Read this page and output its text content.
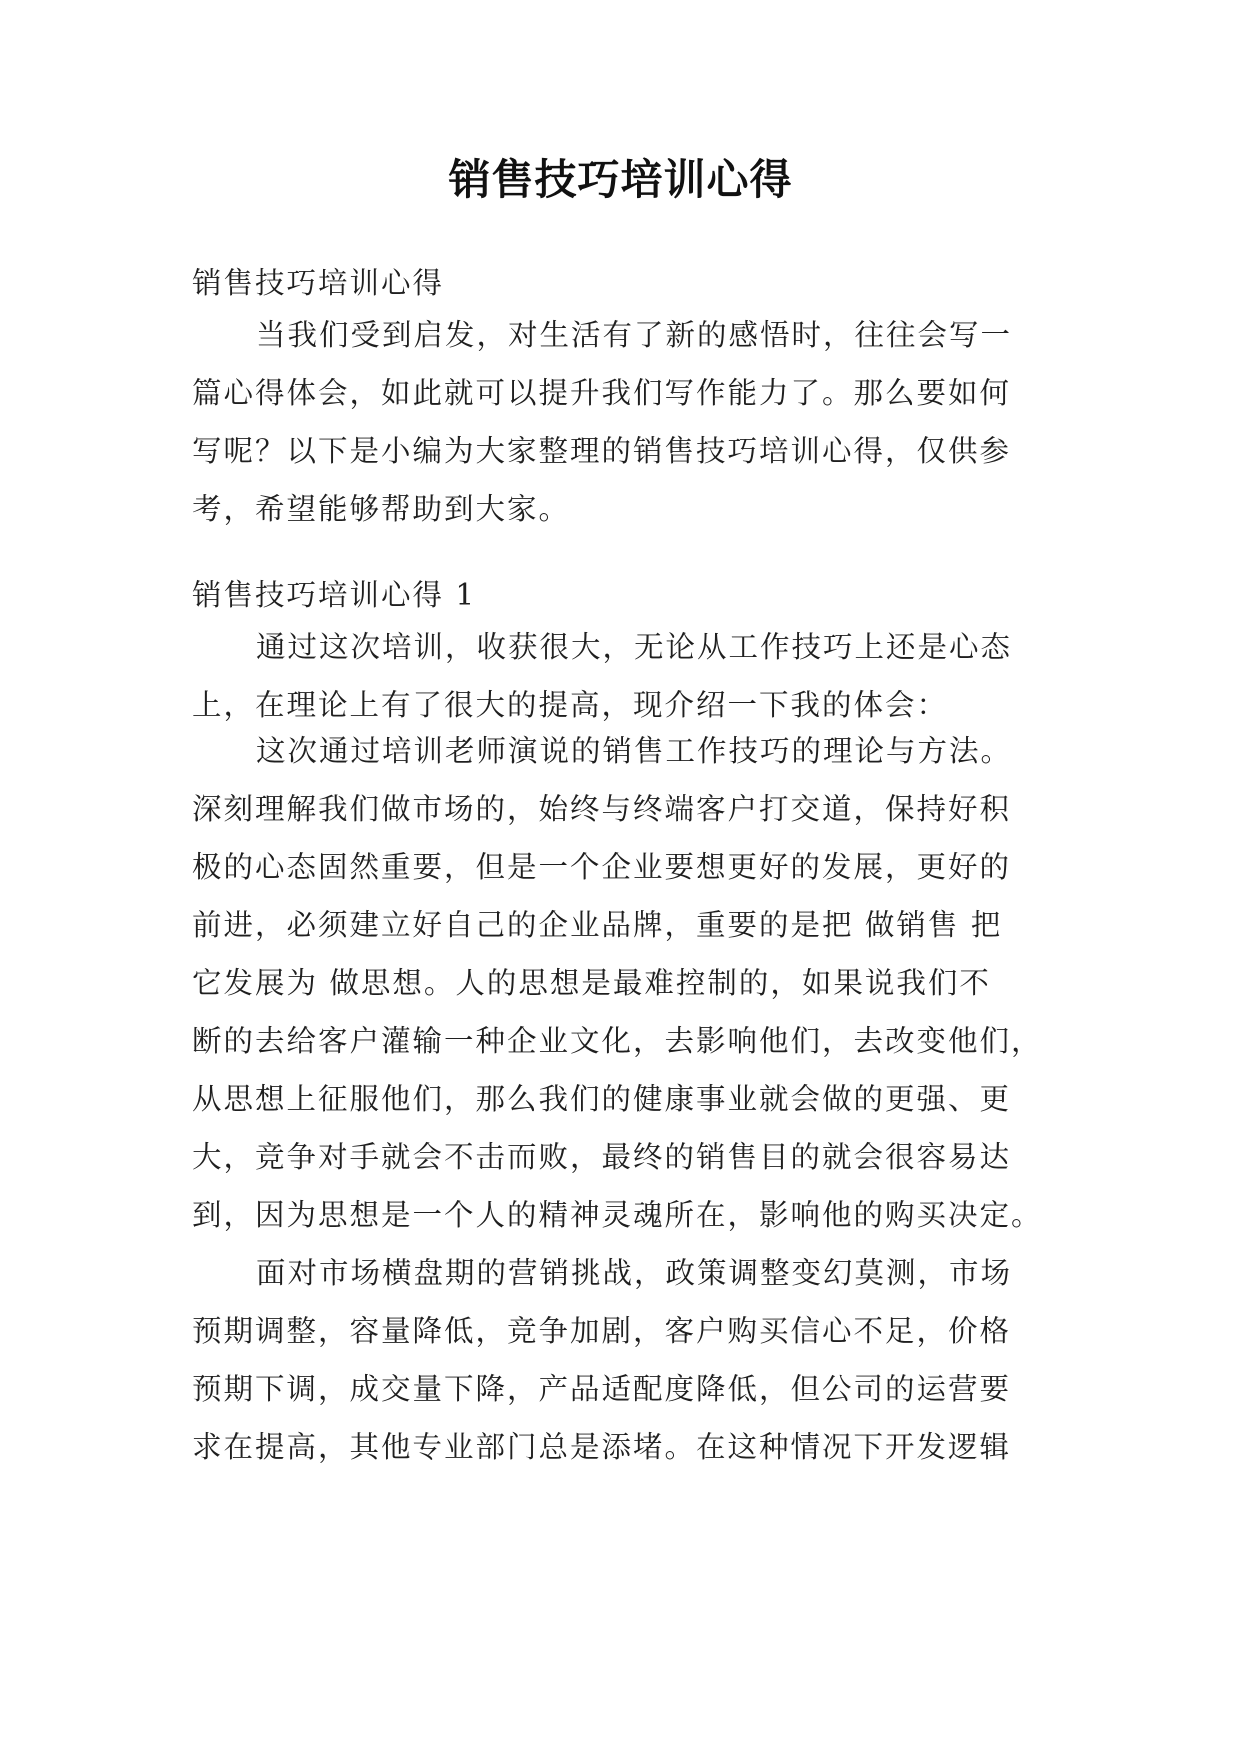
销售技巧培训心得
销售技巧培训心得
当我们受到启发，对生活有了新的感悟时，往往会写一
篇心得体会，如此就可以提升我们写作能力了。那么要如何
写呢？以下是小编为大家整理的销售技巧培训心得，仅供参
考，希望能够帮助到大家。
销售技巧培训心得 1
通过这次培训，收获很大，无论从工作技巧上还是心态
上，在理论上有了很大的提高，现介绍一下我的体会：
这次通过培训老师演说的销售工作技巧的理论与方法。
深刻理解我们做市场的，始终与终端客户打交道，保持好积
极的心态固然重要，但是一个企业要想更好的发展，更好的
前进，必须建立好自己的企业品牌，重要的是把 做销售 把
它发展为 做思想。人的思想是最难控制的，如果说我们不
断的去给客户灌输一种企业文化，去影响他们，去改变他们，
从思想上征服他们，那么我们的健康事业就会做的更强、更
大，竞争对手就会不击而败，最终的销售目的就会很容易达
到，因为思想是一个人的精神灵魂所在，影响他的购买决定。
面对市场横盘期的营销挑战，政策调整变幻莫测，市场
预期调整，容量降低，竞争加剧，客户购买信心不足，价格
预期下调，成交量下降，产品适配度降低，但公司的运营要
求在提高，其他专业部门总是添堵。在这种情况下开发逻辑
